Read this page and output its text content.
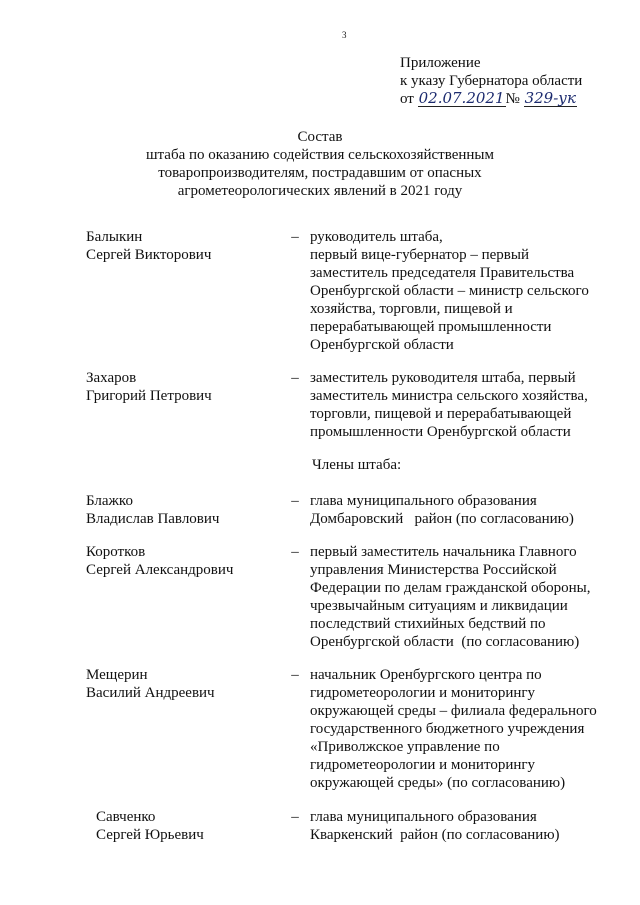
3
Приложение
к указу Губернатора области
от 02.07.2021№ 329-ук
Состав
штаба по оказанию содействия сельскохозяйственным
товаропроизводителям, пострадавшим от опасных
агрометеорологических явлений в 2021 году
Балыкин
Сергей Викторович
– руководитель штаба,
первый вице-губернатор – первый
заместитель председателя Правительства
Оренбургской области – министр сельского
хозяйства, торговли, пищевой и
перерабатывающей промышленности
Оренбургской области
Захаров
Григорий Петрович
– заместитель руководителя штаба, первый
заместитель министра сельского хозяйства,
торговли, пищевой и перерабатывающей
промышленности Оренбургской области
Члены штаба:
Блажко
Владислав Павлович
– глава муниципального образования
Домбаровский   район (по согласованию)
Коротков
Сергей Александрович
– первый заместитель начальника Главного
управления Министерства Российской
Федерации по делам гражданской обороны,
чрезвычайным ситуациям и ликвидации
последствий стихийных бедствий по
Оренбургской области  (по согласованию)
Мещерин
Василий Андреевич
– начальник Оренбургского центра по
гидрометеорологии и мониторингу
окружающей среды – филиала федерального
государственного бюджетного учреждения
«Приволжское управление по
гидрометеорологии и мониторингу
окружающей среды» (по согласованию)
Савченко
Сергей Юрьевич
– глава муниципального образования
Кваркенский  район (по согласованию)
